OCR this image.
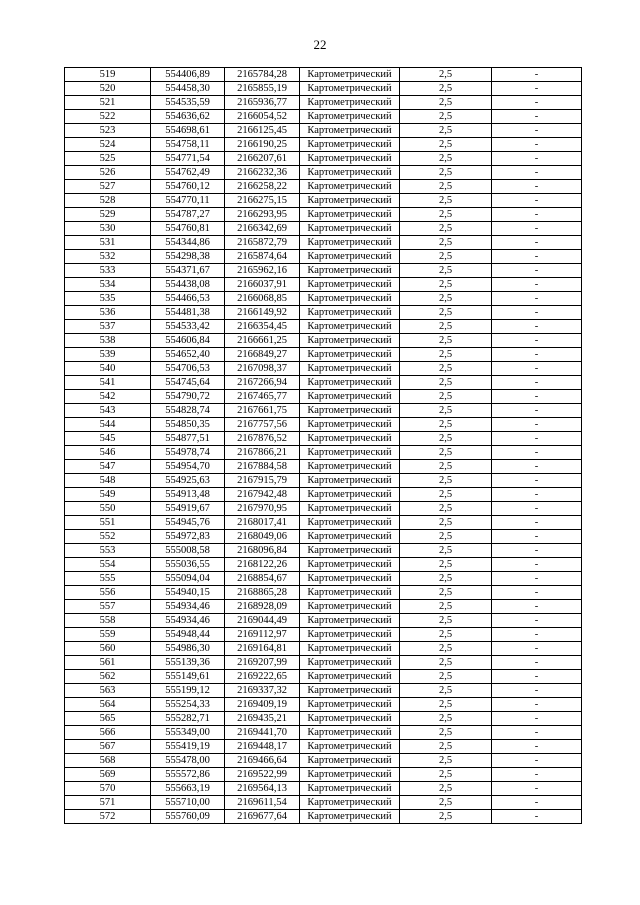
22
519	554406,89	2165784,28	Картометрический	2,5	-
520	554458,30	2165855,19	Картометрический	2,5	-
521	554535,59	2165936,77	Картометрический	2,5	-
522	554636,62	2166054,52	Картометрический	2,5	-
523	554698,61	2166125,45	Картометрический	2,5	-
524	554758,11	2166190,25	Картометрический	2,5	-
525	554771,54	2166207,61	Картометрический	2,5	-
526	554762,49	2166232,36	Картометрический	2,5	-
527	554760,12	2166258,22	Картометрический	2,5	-
528	554770,11	2166275,15	Картометрический	2,5	-
529	554787,27	2166293,95	Картометрический	2,5	-
530	554760,81	2166342,69	Картометрический	2,5	-
531	554344,86	2165872,79	Картометрический	2,5	-
532	554298,38	2165874,64	Картометрический	2,5	-
533	554371,67	2165962,16	Картометрический	2,5	-
534	554438,08	2166037,91	Картометрический	2,5	-
535	554466,53	2166068,85	Картометрический	2,5	-
536	554481,38	2166149,92	Картометрический	2,5	-
537	554533,42	2166354,45	Картометрический	2,5	-
538	554606,84	2166661,25	Картометрический	2,5	-
539	554652,40	2166849,27	Картометрический	2,5	-
540	554706,53	2167098,37	Картометрический	2,5	-
541	554745,64	2167266,94	Картометрический	2,5	-
542	554790,72	2167465,77	Картометрический	2,5	-
543	554828,74	2167661,75	Картометрический	2,5	-
544	554850,35	2167757,56	Картометрический	2,5	-
545	554877,51	2167876,52	Картометрический	2,5	-
546	554978,74	2167866,21	Картометрический	2,5	-
547	554954,70	2167884,58	Картометрический	2,5	-
548	554925,63	2167915,79	Картометрический	2,5	-
549	554913,48	2167942,48	Картометрический	2,5	-
550	554919,67	2167970,95	Картометрический	2,5	-
551	554945,76	2168017,41	Картометрический	2,5	-
552	554972,83	2168049,06	Картометрический	2,5	-
553	555008,58	2168096,84	Картометрический	2,5	-
554	555036,55	2168122,26	Картометрический	2,5	-
555	555094,04	2168854,67	Картометрический	2,5	-
556	554940,15	2168865,28	Картометрический	2,5	-
557	554934,46	2168928,09	Картометрический	2,5	-
558	554934,46	2169044,49	Картометрический	2,5	-
559	554948,44	2169112,97	Картометрический	2,5	-
560	554986,30	2169164,81	Картометрический	2,5	-
561	555139,36	2169207,99	Картометрический	2,5	-
562	555149,61	2169222,65	Картометрический	2,5	-
563	555199,12	2169337,32	Картометрический	2,5	-
564	555254,33	2169409,19	Картометрический	2,5	-
565	555282,71	2169435,21	Картометрический	2,5	-
566	555349,00	2169441,70	Картометрический	2,5	-
567	555419,19	2169448,17	Картометрический	2,5	-
568	555478,00	2169466,64	Картометрический	2,5	-
569	555572,86	2169522,99	Картометрический	2,5	-
570	555663,19	2169564,13	Картометрический	2,5	-
571	555710,00	2169611,54	Картометрический	2,5	-
572	555760,09	2169677,64	Картометрический	2,5	-
